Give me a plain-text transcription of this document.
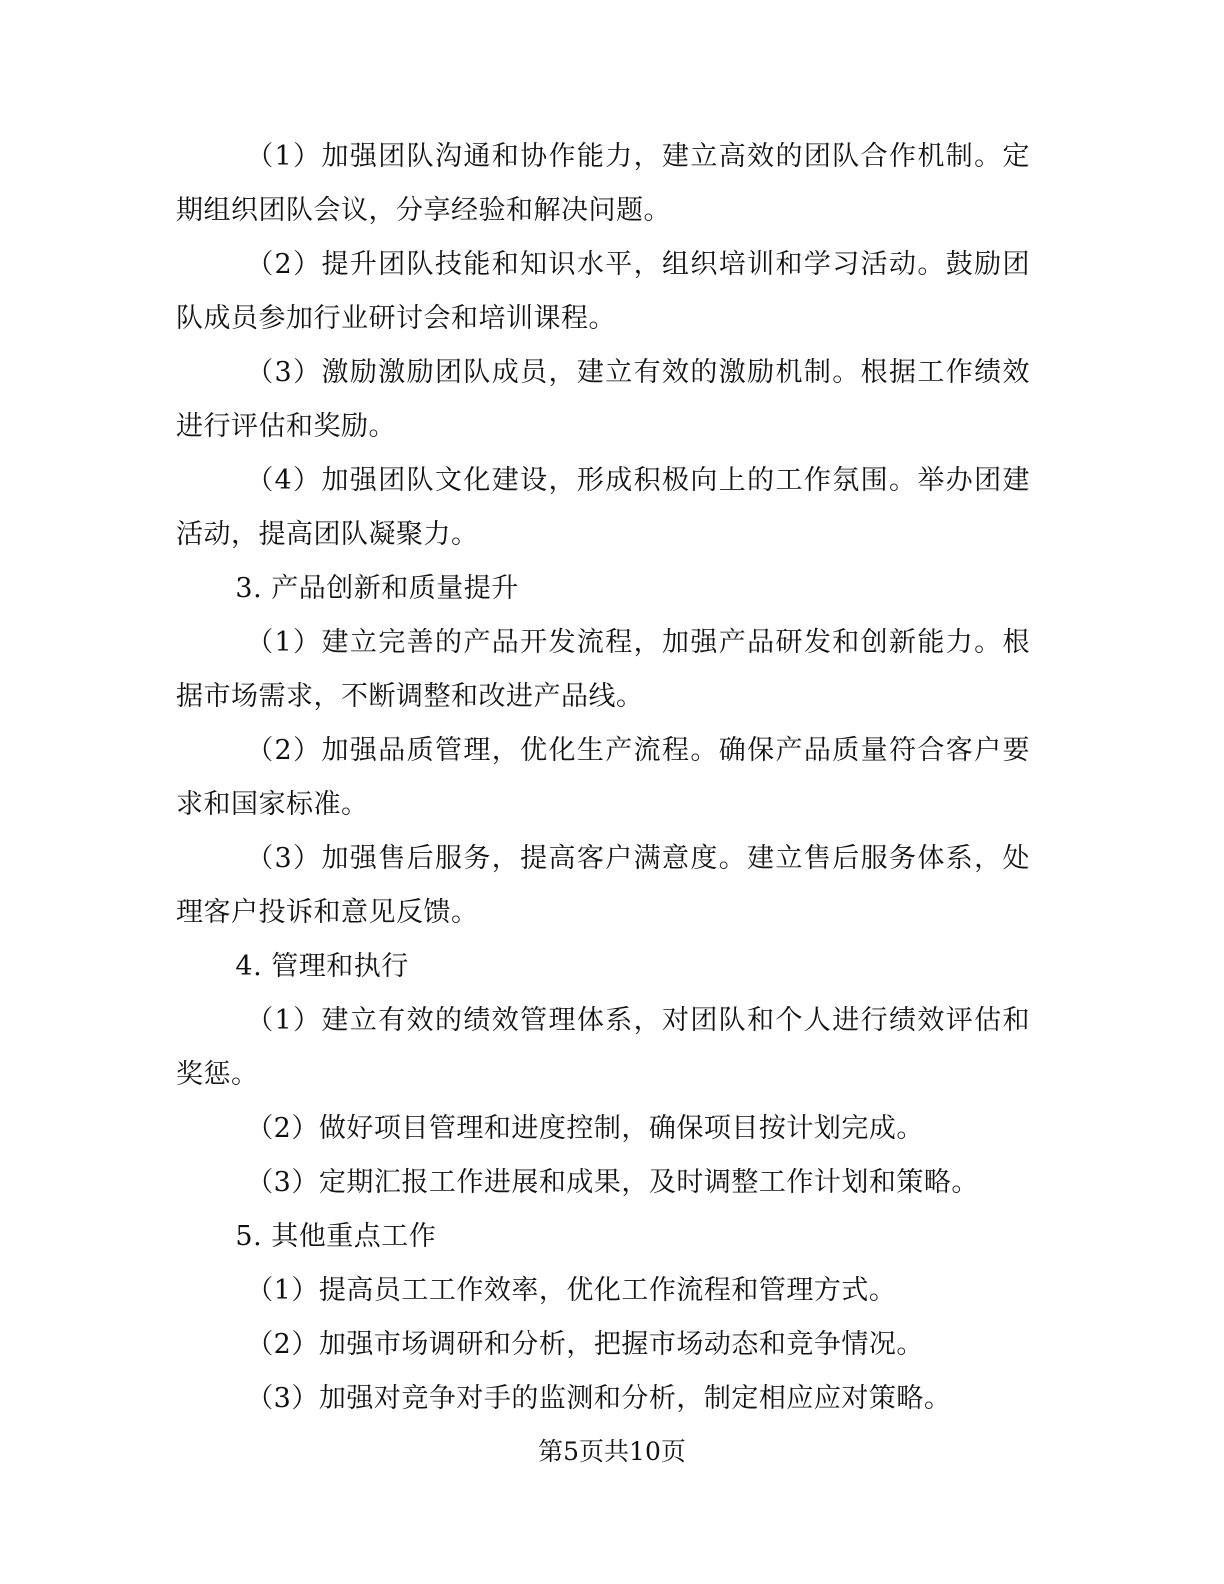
（1）加强团队沟通和协作能力，建立高效的团队合作机制。定期组织团队会议，分享经验和解决问题。

（2）提升团队技能和知识水平，组织培训和学习活动。鼓励团队成员参加行业研讨会和培训课程。

（3）激励激励团队成员，建立有效的激励机制。根据工作绩效进行评估和奖励。

（4）加强团队文化建设，形成积极向上的工作氛围。举办团建活动，提高团队凝聚力。

3. 产品创新和质量提升

（1）建立完善的产品开发流程，加强产品研发和创新能力。根据市场需求，不断调整和改进产品线。

（2）加强品质管理，优化生产流程。确保产品质量符合客户要求和国家标准。

（3）加强售后服务，提高客户满意度。建立售后服务体系，处理客户投诉和意见反馈。

4. 管理和执行

（1）建立有效的绩效管理体系，对团队和个人进行绩效评估和奖惩。

（2）做好项目管理和进度控制，确保项目按计划完成。

（3）定期汇报工作进展和成果，及时调整工作计划和策略。

5. 其他重点工作

（1）提高员工工作效率，优化工作流程和管理方式。

（2）加强市场调研和分析，把握市场动态和竞争情况。

（3）加强对竞争对手的监测和分析，制定相应应对策略。

第5页共10页
